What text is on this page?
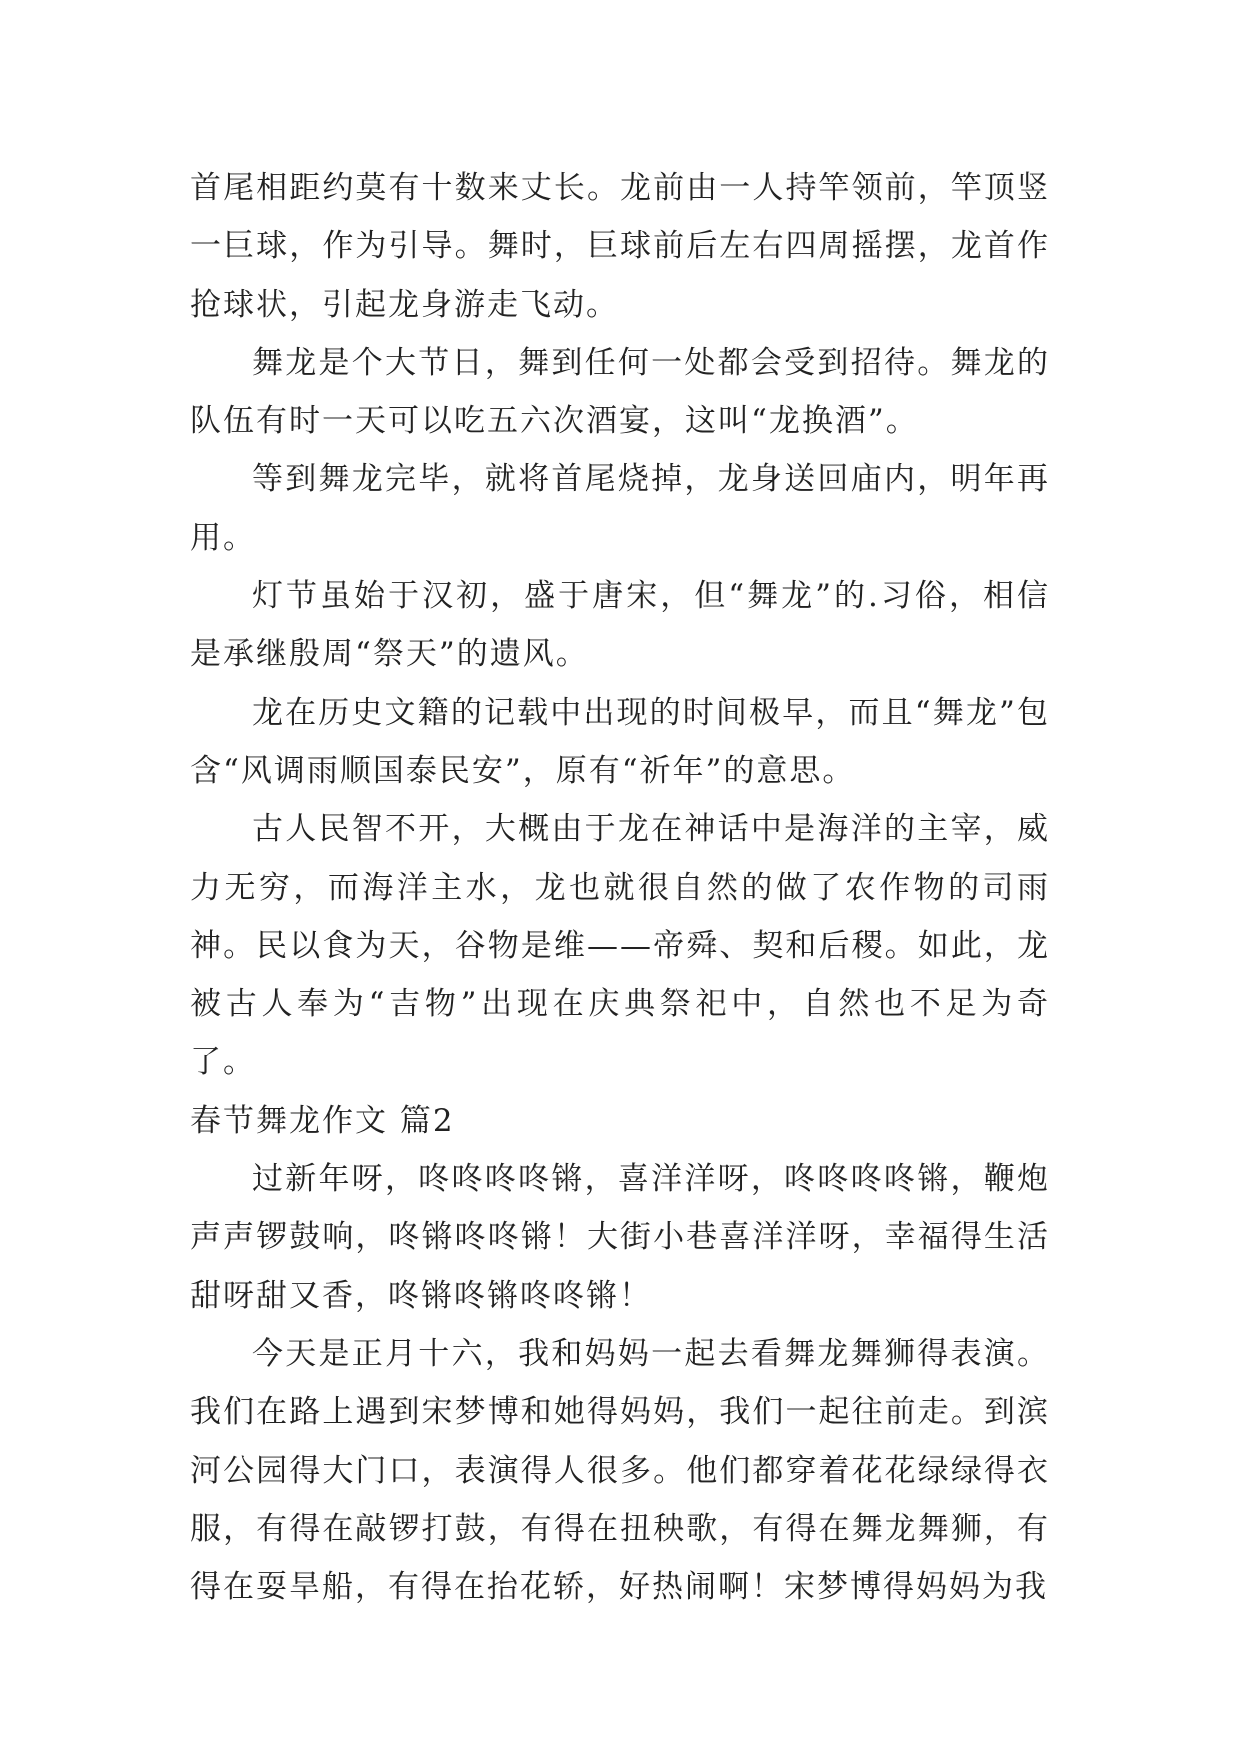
首尾相距约莫有十数来丈长。龙前由一人持竿领前，竿顶竖一巨球，作为引导。舞时，巨球前后左右四周摇摆，龙首作抢球状，引起龙身游走飞动。

舞龙是个大节日，舞到任何一处都会受到招待。舞龙的队伍有时一天可以吃五六次酒宴，这叫“龙换酒”。

等到舞龙完毕，就将首尾烧掉，龙身送回庙内，明年再用。

灯节虽始于汉初，盛于唐宋，但“舞龙”的.习俗，相信是承继殷周“祭天”的遗风。

龙在历史文籍的记载中出现的时间极早，而且“舞龙”包含“风调雨顺国泰民安”，原有“祈年”的意思。

古人民智不开，大概由于龙在神话中是海洋的主宰，威力无穷，而海洋主水，龙也就很自然的做了农作物的司雨神。民以食为天，谷物是维——帝舜、契和后稷。如此，龙被古人奉为“吉物”出现在庆典祭祀中，自然也不足为奇了。

春节舞龙作文 篇2

过新年呀，咚咚咚咚锵，喜洋洋呀，咚咚咚咚锵，鞭炮声声锣鼓响，咚锵咚咚锵！大街小巷喜洋洋呀，幸福得生活甜呀甜又香，咚锵咚锵咚咚锵！

今天是正月十六，我和妈妈一起去看舞龙舞狮得表演。我们在路上遇到宋梦博和她得妈妈，我们一起往前走。到滨河公园得大门口，表演得人很多。他们都穿着花花绿绿得衣服，有得在敲锣打鼓，有得在扭秧歌，有得在舞龙舞狮，有得在耍旱船，有得在抬花轿，好热闹啊！宋梦博得妈妈为我
